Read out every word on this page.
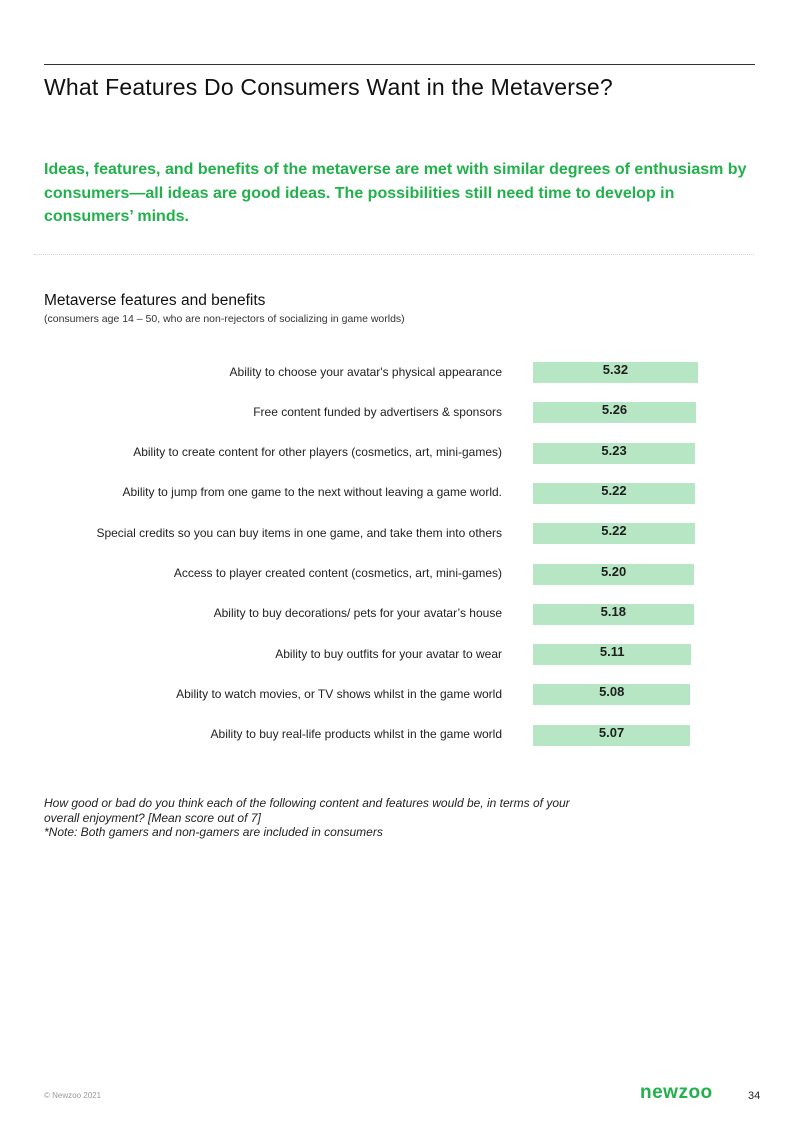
What Features Do Consumers Want in the Metaverse?
Ideas, features, and benefits of the metaverse are met with similar degrees of enthusiasm by consumers—all ideas are good ideas. The possibilities still need time to develop in consumers’ minds.
Metaverse features and benefits
(consumers age 14 – 50, who are non-rejectors of socializing in game worlds)
Ability to choose your avatar's physical appearance	5.32
Free content funded by advertisers & sponsors	5.26
Ability to create content for other players (cosmetics, art, mini-games)	5.23
Ability to jump from one game to the next without leaving a game world.	5.22
Special credits so you can buy items in one game, and take them into others	5.22
Access to player created content (cosmetics, art, mini-games)	5.20
Ability to buy decorations/ pets for your avatar’s house	5.18
Ability to buy outfits for your avatar to wear	5.11
Ability to watch movies, or TV shows whilst in the game world	5.08
Ability to buy real-life products whilst in the game world	5.07
How good or bad do you think each of the following content and features would be, in terms of your
overall enjoyment? [Mean score out of 7]
*Note: Both gamers and non-gamers are included in consumers
© Newzoo 2021	newzoo	34
